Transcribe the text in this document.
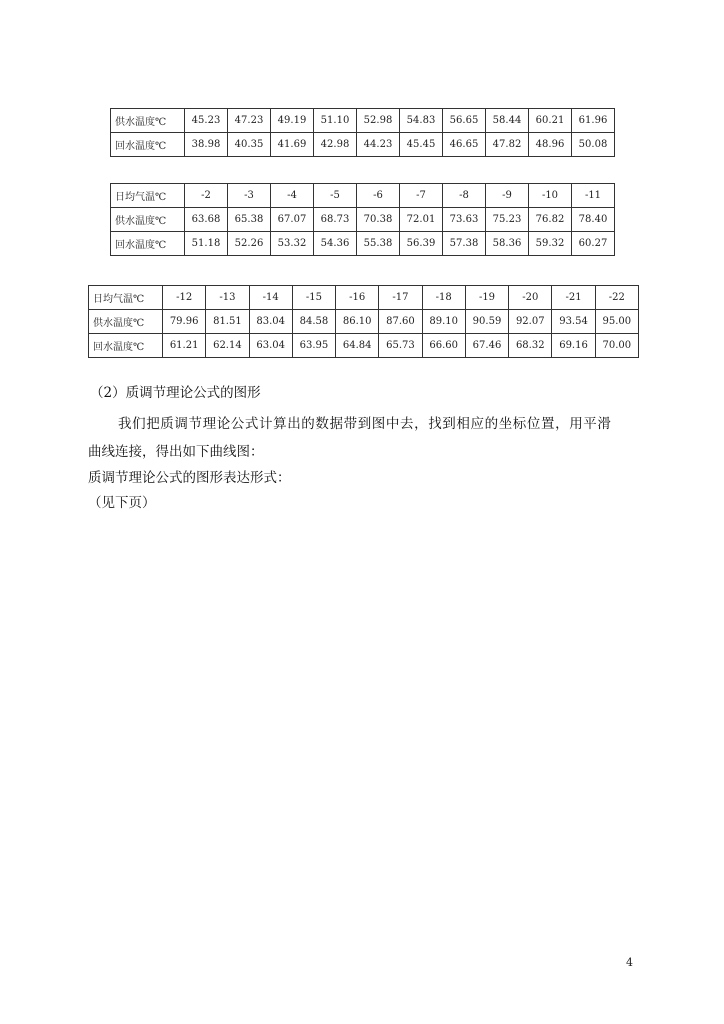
供水温度℃	45.23	47.23	49.19	51.10	52.98	54.83	56.65	58.44	60.21	61.96
回水温度℃	38.98	40.35	41.69	42.98	44.23	45.45	46.65	47.82	48.96	50.08
日均气温℃	-2	-3	-4	-5	-6	-7	-8	-9	-10	-11
供水温度℃	63.68	65.38	67.07	68.73	70.38	72.01	73.63	75.23	76.82	78.40
回水温度℃	51.18	52.26	53.32	54.36	55.38	56.39	57.38	58.36	59.32	60.27
日均气温℃	-12	-13	-14	-15	-16	-17	-18	-19	-20	-21	-22
供水温度℃	79.96	81.51	83.04	84.58	86.10	87.60	89.10	90.59	92.07	93.54	95.00
回水温度℃	61.21	62.14	63.04	63.95	64.84	65.73	66.60	67.46	68.32	69.16	70.00
（2）质调节理论公式的图形
我们把质调节理论公式计算出的数据带到图中去，找到相应的坐标位置，用平滑
曲线连接，得出如下曲线图：
质调节理论公式的图形表达形式：
（见下页）
4
